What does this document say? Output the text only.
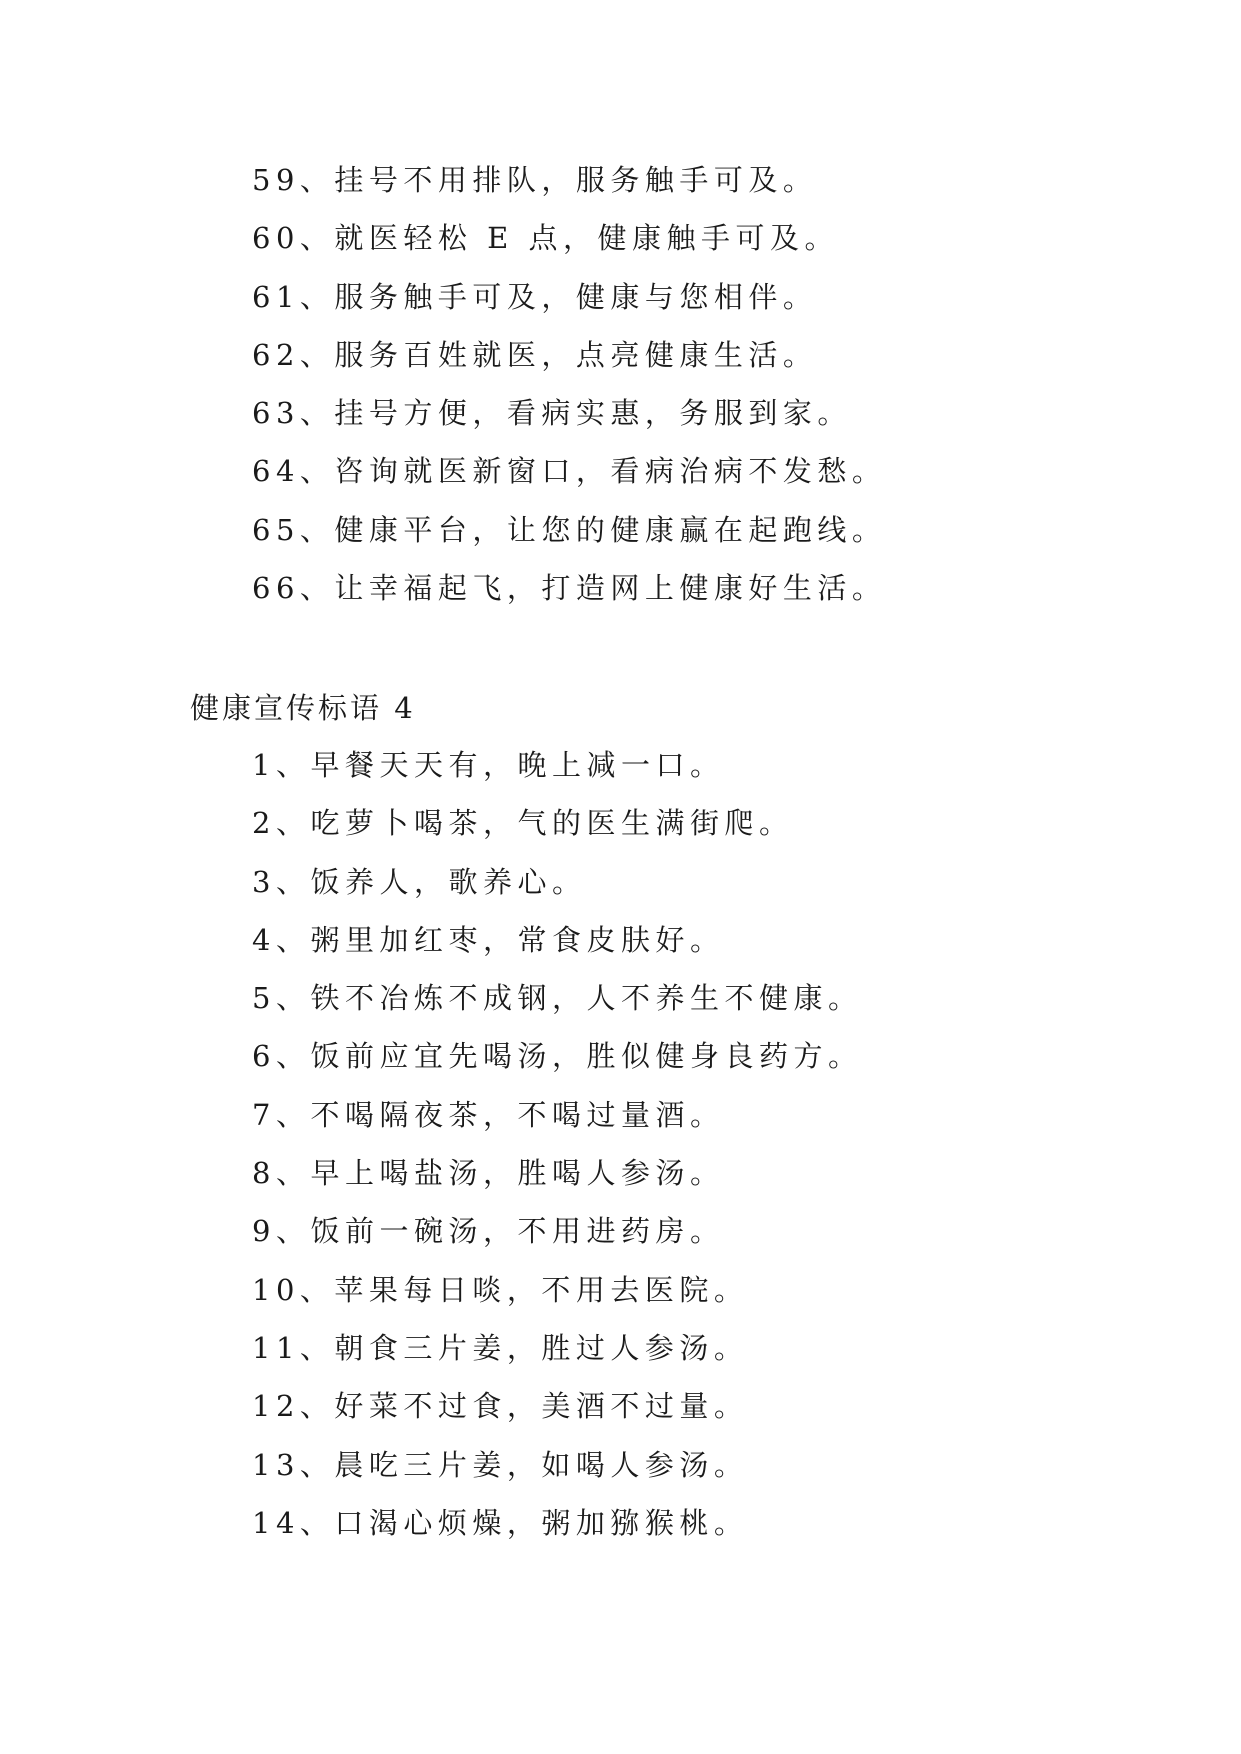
59、挂号不用排队，服务触手可及。
60、就医轻松 E 点，健康触手可及。
61、服务触手可及，健康与您相伴。
62、服务百姓就医，点亮健康生活。
63、挂号方便，看病实惠，务服到家。
64、咨询就医新窗口，看病治病不发愁。
65、健康平台，让您的健康赢在起跑线。
66、让幸福起飞，打造网上健康好生活。
健康宣传标语 4
1、早餐天天有，晚上减一口。
2、吃萝卜喝茶，气的医生满街爬。
3、饭养人，歌养心。
4、粥里加红枣，常食皮肤好。
5、铁不冶炼不成钢，人不养生不健康。
6、饭前应宜先喝汤，胜似健身良药方。
7、不喝隔夜茶，不喝过量酒。
8、早上喝盐汤，胜喝人参汤。
9、饭前一碗汤，不用进药房。
10、苹果每日啖，不用去医院。
11、朝食三片姜，胜过人参汤。
12、好菜不过食，美酒不过量。
13、晨吃三片姜，如喝人参汤。
14、口渴心烦燥，粥加猕猴桃。
